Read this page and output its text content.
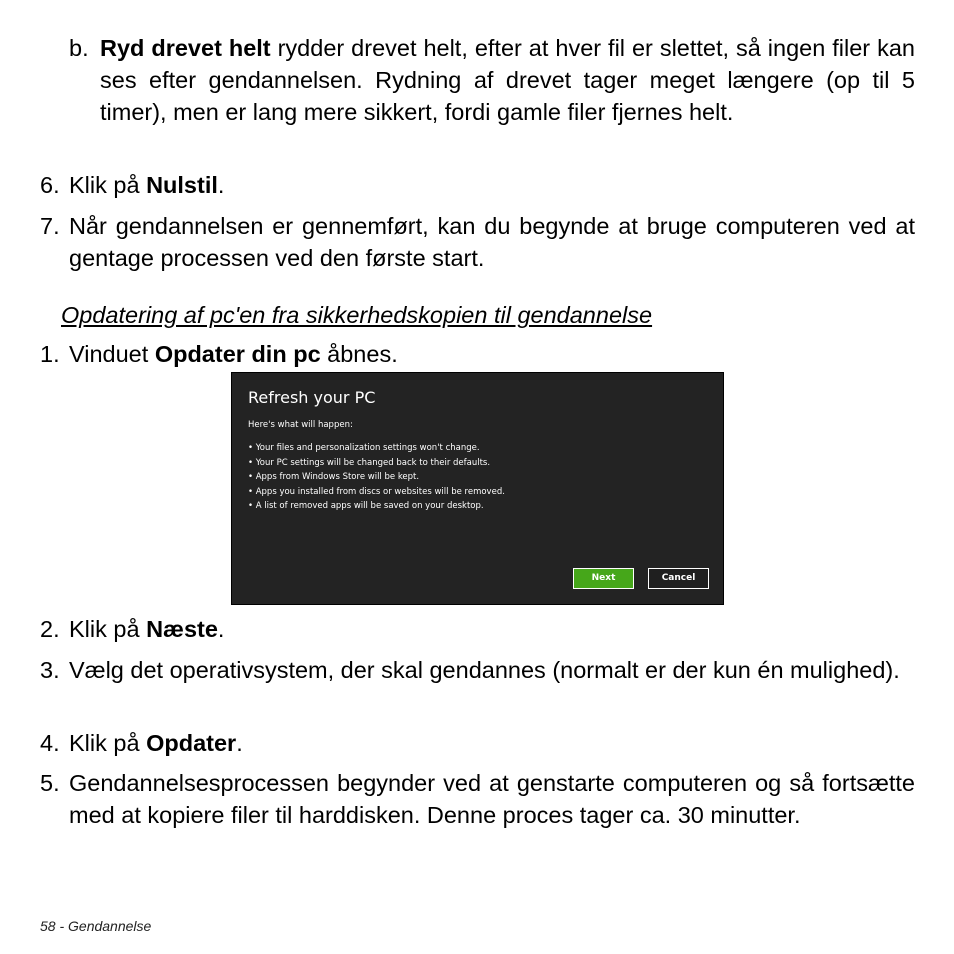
b. Ryd drevet helt rydder drevet helt, efter at hver fil er slettet, så ingen filer kan ses efter gendannelsen. Rydning af drevet tager meget længere (op til 5 timer), men er lang mere sikkert, fordi gamle filer fjernes helt.
6. Klik på Nulstil.
7. Når gendannelsen er gennemført, kan du begynde at bruge computeren ved at gentage processen ved den første start.
Opdatering af pc'en fra sikkerhedskopien til gendannelse
1. Vinduet Opdater din pc åbnes.
Refresh your PC
Here's what will happen:
• Your files and personalization settings won't change.
• Your PC settings will be changed back to their defaults.
• Apps from Windows Store will be kept.
• Apps you installed from discs or websites will be removed.
• A list of removed apps will be saved on your desktop.
Next	Cancel
2. Klik på Næste.
3. Vælg det operativsystem, der skal gendannes (normalt er der kun én mulighed).
4. Klik på Opdater.
5. Gendannelsesprocessen begynder ved at genstarte computeren og så fortsætte med at kopiere filer til harddisken. Denne proces tager ca. 30 minutter.
58 - Gendannelse
